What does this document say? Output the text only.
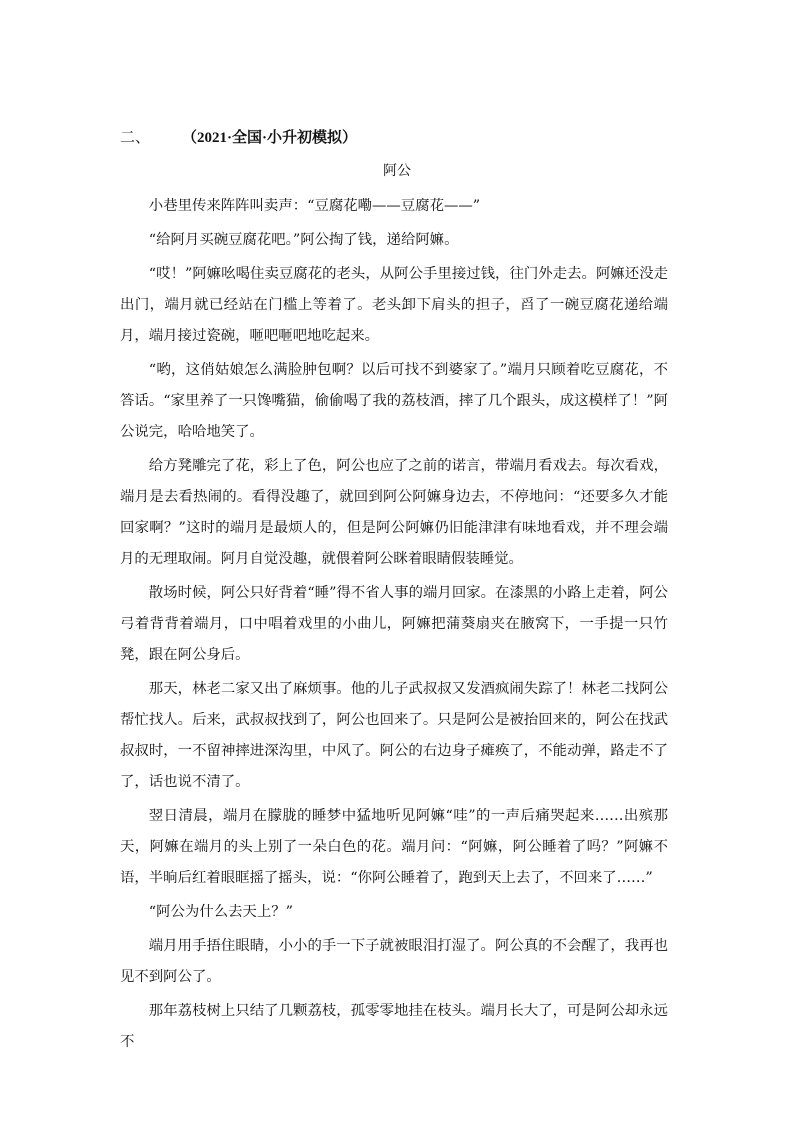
二、 （2021·全国·小升初模拟）
阿公

小巷里传来阵阵叫卖声：“豆腐花嘞——豆腐花——”

“给阿月买碗豆腐花吧。”阿公掏了钱，递给阿嫲。

“哎！”阿嫲吆喝住卖豆腐花的老头，从阿公手里接过钱，往门外走去。阿嫲还没走出门，端月就已经站在门槛上等着了。老头卸下肩头的担子，舀了一碗豆腐花递给端月，端月接过瓷碗，咂吧咂吧地吃起来。

“哟，这俏姑娘怎么满脸肿包啊？以后可找不到婆家了。”端月只顾着吃豆腐花，不答话。“家里养了一只馋嘴猫，偷偷喝了我的荔枝酒，摔了几个跟头，成这模样了！”阿公说完，哈哈地笑了。

给方凳雕完了花，彩上了色，阿公也应了之前的诺言，带端月看戏去。每次看戏，端月是去看热闹的。看得没趣了，就回到阿公阿嫲身边去，不停地问：“还要多久才能回家啊？”这时的端月是最烦人的，但是阿公阿嫲仍旧能津津有味地看戏，并不理会端月的无理取闹。阿月自觉没趣，就偎着阿公眯着眼睛假装睡觉。

散场时候，阿公只好背着“睡”得不省人事的端月回家。在漆黑的小路上走着，阿公弓着背背着端月，口中唱着戏里的小曲儿，阿嫲把蒲葵扇夹在腋窝下，一手提一只竹凳，跟在阿公身后。

那天，林老二家又出了麻烦事。他的儿子武叔叔又发酒疯闹失踪了！林老二找阿公帮忙找人。后来，武叔叔找到了，阿公也回来了。只是阿公是被抬回来的，阿公在找武叔叔时，一不留神摔进深沟里，中风了。阿公的右边身子瘫痪了，不能动弹，路走不了了，话也说不清了。

翌日清晨，端月在朦胧的睡梦中猛地听见阿嫲“哇”的一声后痛哭起来……出殡那天，阿嫲在端月的头上别了一朵白色的花。端月问：“阿嫲，阿公睡着了吗？”阿嫲不语，半晌后红着眼眶摇了摇头，说：“你阿公睡着了，跑到天上去了，不回来了……”

“阿公为什么去天上？”

端月用手捂住眼睛，小小的手一下子就被眼泪打湿了。阿公真的不会醒了，我再也见不到阿公了。

那年荔枝树上只结了几颗荔枝，孤零零地挂在枝头。端月长大了，可是阿公却永远不
